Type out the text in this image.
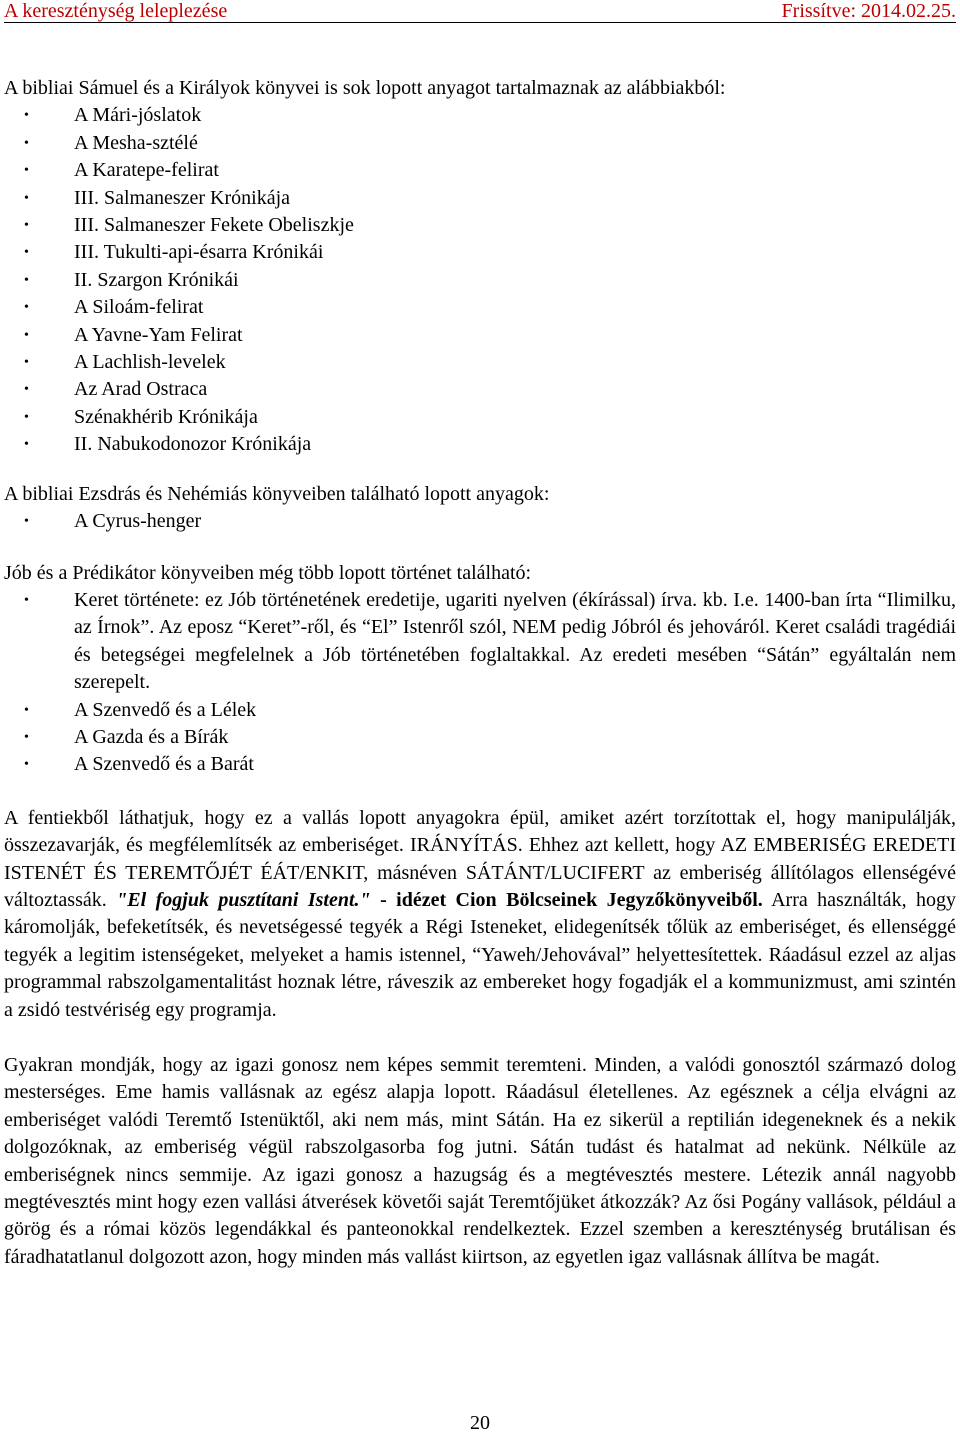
A kereszténység leleplezése	Frissítve: 2014.02.25.

A bibliai Sámuel és a Királyok könyvei is sok lopott anyagot tartalmaznak az alábbiakból:

• A Mári-jóslatok
• A Mesha-sztélé
• A Karatepe-felirat
• III. Salmaneszer Krónikája
• III. Salmaneszer Fekete Obeliszkje
• III. Tukulti-api-ésarra Krónikái
• II. Szargon Krónikái
• A Siloám-felirat
• A Yavne-Yam Felirat
• A Lachlish-levelek
• Az Arad Ostraca
• Szénakhérib Krónikája
• II. Nabukodonozor Krónikája

A bibliai Ezsdrás és Nehémiás könyveiben található lopott anyagok:

• A Cyrus-henger

Jób és a Prédikátor könyveiben még több lopott történet található:

• Keret története: ez Jób történetének eredetije, ugariti nyelven (ékírással) írva. kb. I.e. 1400-ban írta “Ilimilku, az Írnok”. Az eposz “Keret”-ről, és “El” Istenről szól, NEM pedig Jóbról és jehováról. Keret családi tragédiái és betegségei megfelelnek a Jób történetében foglaltakkal. Az eredeti mesében “Sátán” egyáltalán nem szerepelt.
• A Szenvedő és a Lélek
• A Gazda és a Bírák
• A Szenvedő és a Barát

A fentiekből láthatjuk, hogy ez a vallás lopott anyagokra épül, amiket azért torzítottak el, hogy manipulálják, összezavarják, és megfélemlítsék az emberiséget. IRÁNYÍTÁS. Ehhez azt kellett, hogy AZ EMBERISÉG EREDETI ISTENÉT ÉS TEREMTŐJÉT ÉÁT/ENKIT, másnéven SÁTÁNT/LUCIFERT az emberiség állítólagos ellenségévé változtassák. "El fogjuk pusztítani Istent." - idézet Cion Bölcseinek Jegyzőkönyveiből. Arra használták, hogy káromolják, befeketítsék, és nevetségessé tegyék a Régi Isteneket, elidegenítsék tőlük az emberiséget, és ellenséggé tegyék a legitim istenségeket, melyeket a hamis istennel, “Yaweh/Jehovával” helyettesítettek. Ráadásul ezzel az aljas programmal rabszolgamentalitást hoznak létre, ráveszik az embereket hogy fogadják el a kommunizmust, ami szintén a zsidó testvériség egy programja.

Gyakran mondják, hogy az igazi gonosz nem képes semmit teremteni. Minden, a valódi gonosztól származó dolog mesterséges. Eme hamis vallásnak az egész alapja lopott. Ráadásul életellenes. Az egésznek a célja elvágni az emberiséget valódi Teremtő Istenüktől, aki nem más, mint Sátán. Ha ez sikerül a reptilián idegeneknek és a nekik dolgozóknak, az emberiség végül rabszolgasorba fog jutni. Sátán tudást és hatalmat ad nekünk. Nélküle az emberiségnek nincs semmije. Az igazi gonosz a hazugság és a megtévesztés mestere. Létezik annál nagyobb megtévesztés mint hogy ezen vallási átverések követői saját Teremtőjüket átkozzák? Az ősi Pogány vallások, például a görög és a római közös legendákkal és panteonokkal rendelkeztek. Ezzel szemben a kereszténység brutálisan és fáradhatatlanul dolgozott azon, hogy minden más vallást kiirtson, az egyetlen igaz vallásnak állítva be magát.

20
